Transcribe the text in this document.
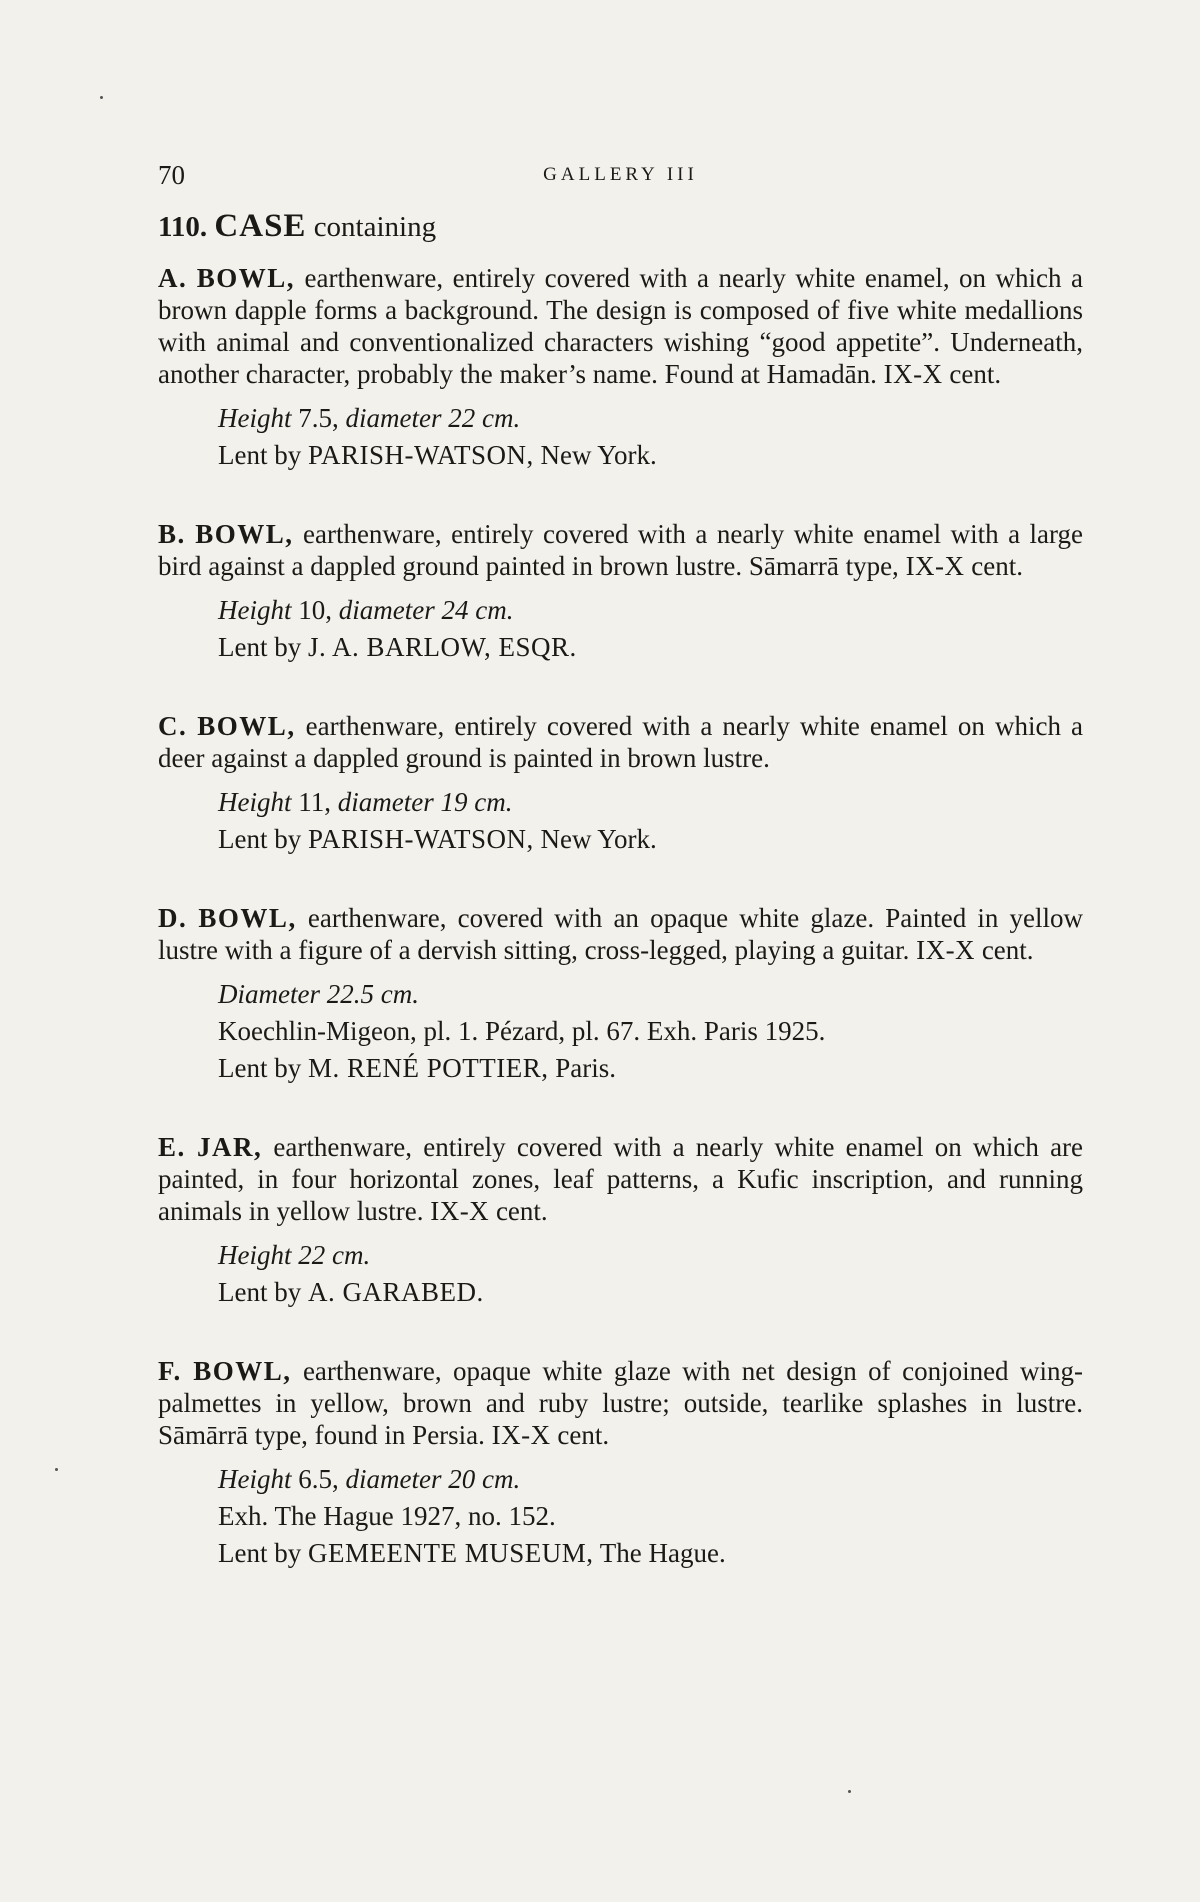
70	GALLERY III
110. CASE containing

A. BOWL, earthenware, entirely covered with a nearly white enamel, on which a brown dapple forms a background. The design is composed of five white medallions with animal and conventionalized characters wishing “good appetite”. Underneath, another character, probably the maker’s name. Found at Hamadān. IX-X cent.

Height 7.5, diameter 22 cm.
Lent by PARISH-WATSON, New York.

B. BOWL, earthenware, entirely covered with a nearly white enamel with a large bird against a dappled ground painted in brown lustre. Sāmarrā type, IX-X cent.

Height 10, diameter 24 cm.
Lent by J. A. BARLOW, ESQR.

C. BOWL, earthenware, entirely covered with a nearly white enamel on which a deer against a dappled ground is painted in brown lustre.

Height 11, diameter 19 cm.
Lent by PARISH-WATSON, New York.

D. BOWL, earthenware, covered with an opaque white glaze. Painted in yellow lustre with a figure of a dervish sitting, cross-legged, playing a guitar. IX-X cent.

Diameter 22.5 cm.
Koechlin-Migeon, pl. 1. Pézard, pl. 67. Exh. Paris 1925.
Lent by M. RENÉ POTTIER, Paris.

E. JAR, earthenware, entirely covered with a nearly white enamel on which are painted, in four horizontal zones, leaf patterns, a Kufic inscription, and running animals in yellow lustre. IX-X cent.

Height 22 cm.
Lent by A. GARABED.

F. BOWL, earthenware, opaque white glaze with net design of conjoined wing-palmettes in yellow, brown and ruby lustre; outside, tearlike splashes in lustre. Sāmārrā type, found in Persia. IX-X cent.

Height 6.5, diameter 20 cm.
Exh. The Hague 1927, no. 152.
Lent by GEMEENTE MUSEUM, The Hague.
